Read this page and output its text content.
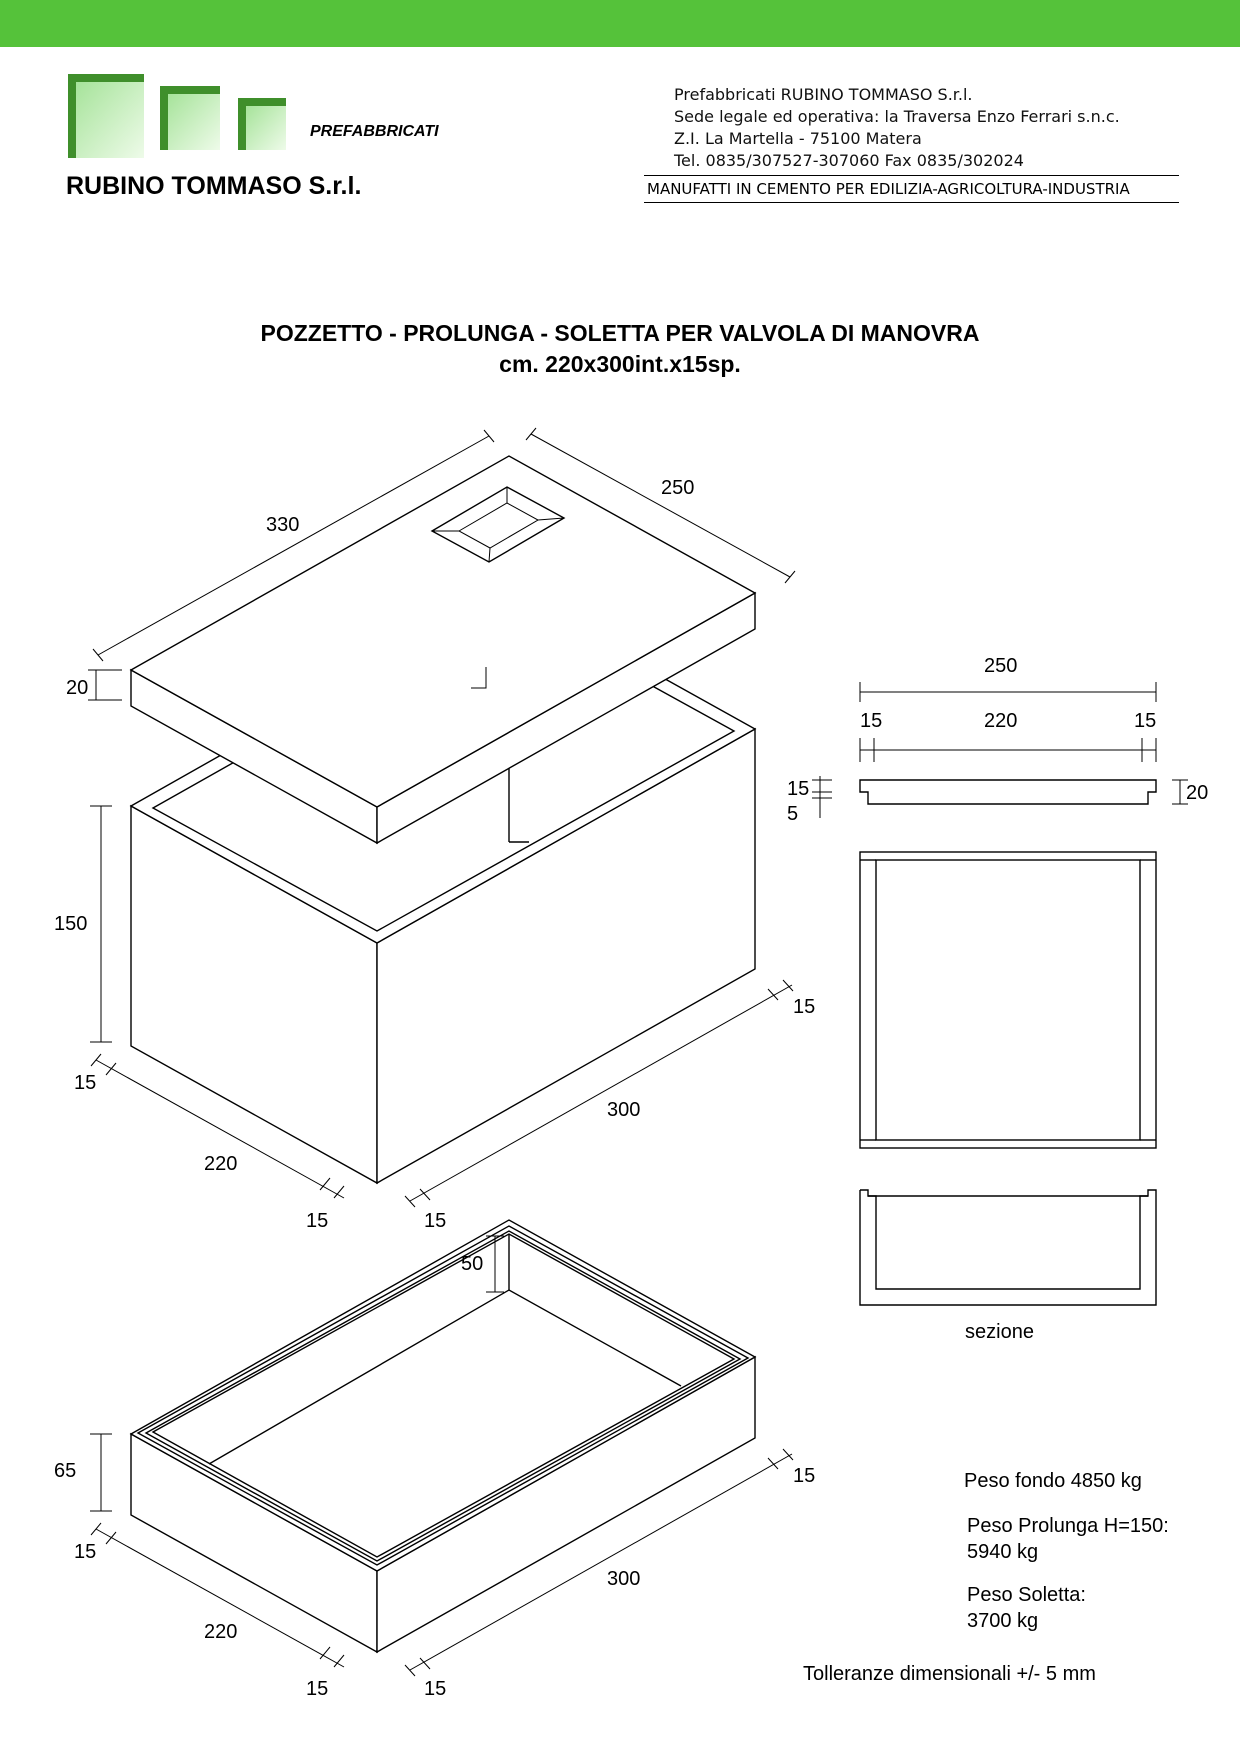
PREFABBRICATI
RUBINO TOMMASO S.r.l.
Prefabbricati RUBINO TOMMASO S.r.l.
Sede legale ed operativa: la Traversa Enzo Ferrari s.n.c.
Z.I. La Martella - 75100 Matera
Tel. 0835/307527-307060 Fax 0835/302024
MANUFATTI IN CEMENTO PER EDILIZIA-AGRICOLTURA-INDUSTRIA
POZZETTO - PROLUNGA - SOLETTA PER VALVOLA DI MANOVRA
cm. 220x300int.x15sp.
330
250
20
150
15
220
15	15
300
15
65
50
15
220
15	15
300
15
250
15	220	15
15
5
20
sezione
Peso fondo 4850 kg
Peso Prolunga H=150:
5940 kg
Peso Soletta:
3700 kg
Tolleranze dimensionali +/- 5 mm
